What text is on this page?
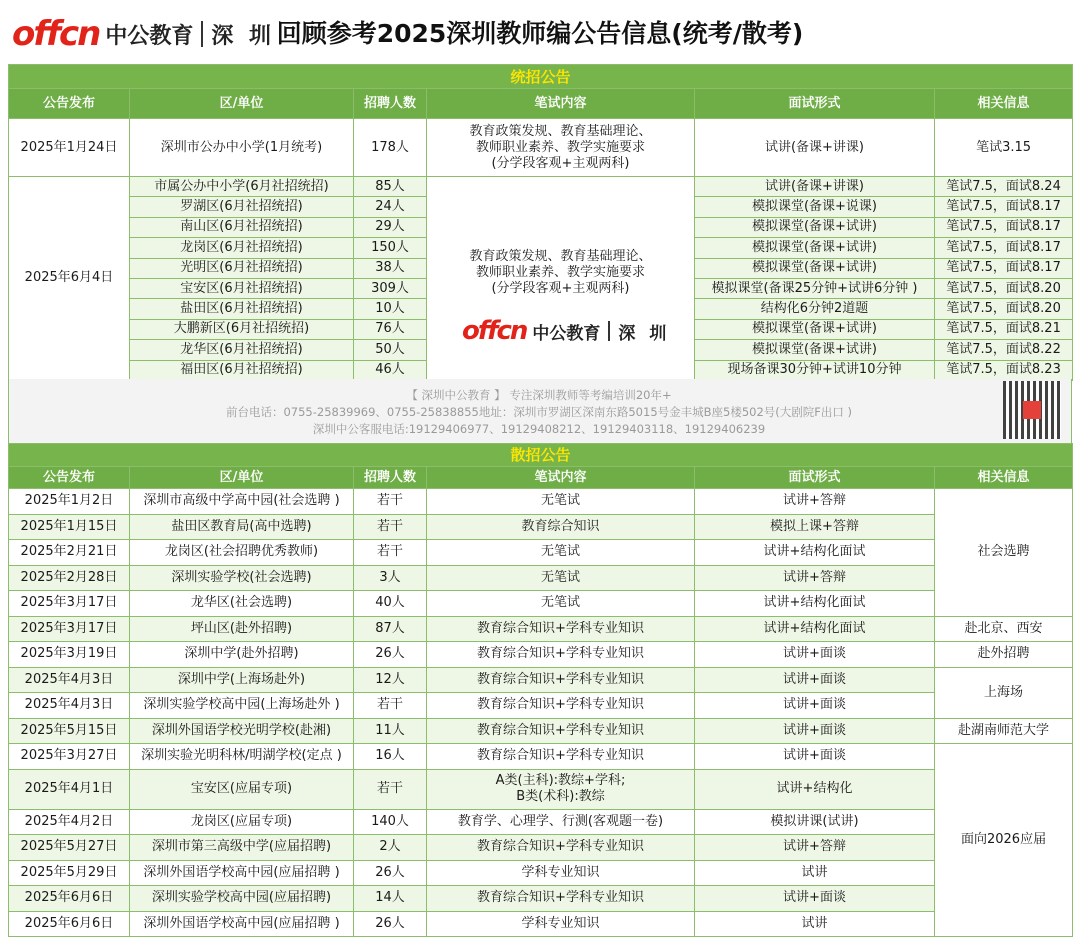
offcn 中公教育 深 圳 回顾参考2025深圳教师编公告信息(统考/散考)
统招公告					
公告发布	区/单位	招聘人数	笔试内容	面试形式	相关信息
2025年1月24日	深圳市公办中小学(1月统考)	178人	教育政策发规、教育基础理论、
教师职业素养、教学实施要求
(分学段客观+主观两科)	试讲(备课+讲课)	笔试3.15
2025年6月4日	市属公办中小学(6月社招统招)	85人	教育政策发规、教育基础理论、
教师职业素养、教学实施要求
(分学段客观+主观两科)	试讲(备课+讲课)	笔试7.5，面试8.24
	罗湖区(6月社招统招)	24人		模拟课堂(备课+说课)	笔试7.5，面试8.17
	南山区(6月社招统招)	29人		模拟课堂(备课+试讲)	笔试7.5，面试8.17
	龙岗区(6月社招统招)	150人		模拟课堂(备课+试讲)	笔试7.5，面试8.17
	光明区(6月社招统招)	38人		模拟课堂(备课+试讲)	笔试7.5，面试8.17
	宝安区(6月社招统招)	309人		模拟课堂(备课25分钟+试讲6分钟 )	笔试7.5，面试8.20
	盐田区(6月社招统招)	10人		结构化6分钟2道题	笔试7.5，面试8.20
	大鹏新区(6月社招统招)	76人		模拟课堂(备课+试讲)	笔试7.5，面试8.21
	龙华区(6月社招统招)	50人		模拟课堂(备课+试讲)	笔试7.5，面试8.22
	福田区(6月社招统招)	46人		现场备课30分钟+试讲10分钟	笔试7.5，面试8.23
offcn 中公教育 深 圳
【 深圳中公教育 】 专注深圳教师等考编培训20年+
前台电话：0755-25839969、0755-25838855地址：深圳市罗湖区深南东路5015号金丰城B座5楼502号(大剧院F出口 )
深圳中公客服电话:19129406977、19129408212、19129403118、19129406239
散招公告					
公告发布	区/单位	招聘人数	笔试内容	面试形式	相关信息
2025年1月2日	深圳市高级中学高中园(社会选聘 )	若干	无笔试	试讲+答辩	社会选聘
2025年1月15日	盐田区教育局(高中选聘)	若干	教育综合知识	模拟上课+答辩	
2025年2月21日	龙岗区(社会招聘优秀教师)	若干	无笔试	试讲+结构化面试	
2025年2月28日	深圳实验学校(社会选聘)	3人	无笔试	试讲+答辩	
2025年3月17日	龙华区(社会选聘)	40人	无笔试	试讲+结构化面试	
2025年3月17日	坪山区(赴外招聘)	87人	教育综合知识+学科专业知识	试讲+结构化面试	赴北京、西安
2025年3月19日	深圳中学(赴外招聘)	26人	教育综合知识+学科专业知识	试讲+面谈	赴外招聘
2025年4月3日	深圳中学(上海场赴外)	12人	教育综合知识+学科专业知识	试讲+面谈	上海场
2025年4月3日	深圳实验学校高中园(上海场赴外 )	若干	教育综合知识+学科专业知识	试讲+面谈	
2025年5月15日	深圳外国语学校光明学校(赴湘)	11人	教育综合知识+学科专业知识	试讲+面谈	赴湖南师范大学
2025年3月27日	深圳实验光明科林/明湖学校(定点 )	16人	教育综合知识+学科专业知识	试讲+面谈	面向2026应届
2025年4月1日	宝安区(应届专项)	若干	A类(主科):教综+学科;
B类(术科):教综	试讲+结构化	
2025年4月2日	龙岗区(应届专项)	140人	教育学、心理学、行测(客观题一卷)	模拟讲课(试讲)	
2025年5月27日	深圳市第三高级中学(应届招聘)	2人	教育综合知识+学科专业知识	试讲+答辩	
2025年5月29日	深圳外国语学校高中园(应届招聘 )	26人	学科专业知识	试讲	
2025年6月6日	深圳实验学校高中园(应届招聘)	14人	教育综合知识+学科专业知识	试讲+面谈	
2025年6月6日	深圳外国语学校高中园(应届招聘 )	26人	学科专业知识	试讲	
